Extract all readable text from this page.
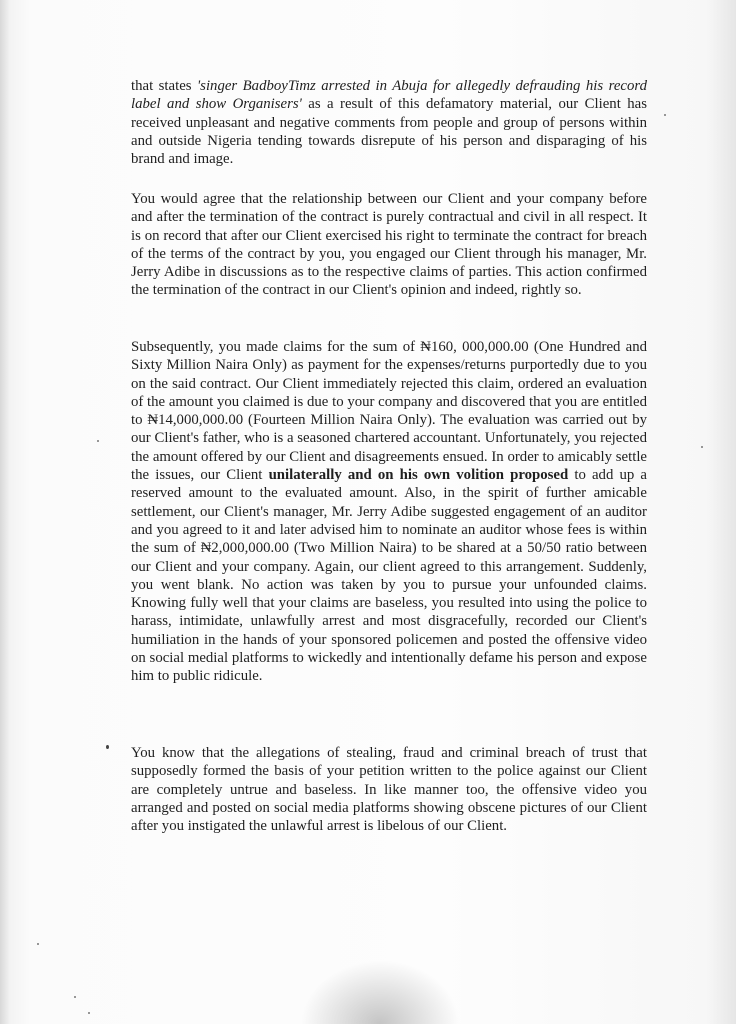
that states 'singer BadboyTimz arrested in Abuja for allegedly defrauding his record label and show Organisers' as a result of this defamatory material, our Client has received unpleasant and negative comments from people and group of persons within and outside Nigeria tending towards disrepute of his person and disparaging of his brand and image.

You would agree that the relationship between our Client and your company before and after the termination of the contract is purely contractual and civil in all respect. It is on record that after our Client exercised his right to terminate the contract for breach of the terms of the contract by you, you engaged our Client through his manager, Mr. Jerry Adibe in discussions as to the respective claims of parties. This action confirmed the termination of the contract in our Client's opinion and indeed, rightly so.

Subsequently, you made claims for the sum of ₦160, 000,000.00 (One Hundred and Sixty Million Naira Only) as payment for the expenses/returns purportedly due to you on the said contract. Our Client immediately rejected this claim, ordered an evaluation of the amount you claimed is due to your company and discovered that you are entitled to ₦14,000,000.00 (Fourteen Million Naira Only). The evaluation was carried out by our Client's father, who is a seasoned chartered accountant. Unfortunately, you rejected the amount offered by our Client and disagreements ensued. In order to amicably settle the issues, our Client unilaterally and on his own volition proposed to add up a reserved amount to the evaluated amount. Also, in the spirit of further amicable settlement, our Client's manager, Mr. Jerry Adibe suggested engagement of an auditor and you agreed to it and later advised him to nominate an auditor whose fees is within the sum of ₦2,000,000.00 (Two Million Naira) to be shared at a 50/50 ratio between our Client and your company. Again, our client agreed to this arrangement. Suddenly, you went blank. No action was taken by you to pursue your unfounded claims. Knowing fully well that your claims are baseless, you resulted into using the police to harass, intimidate, unlawfully arrest and most disgracefully, recorded our Client's humiliation in the hands of your sponsored policemen and posted the offensive video on social medial platforms to wickedly and intentionally defame his person and expose him to public ridicule.

You know that the allegations of stealing, fraud and criminal breach of trust that supposedly formed the basis of your petition written to the police against our Client are completely untrue and baseless. In like manner too, the offensive video you arranged and posted on social media platforms showing obscene pictures of our Client after you instigated the unlawful arrest is libelous of our Client.
